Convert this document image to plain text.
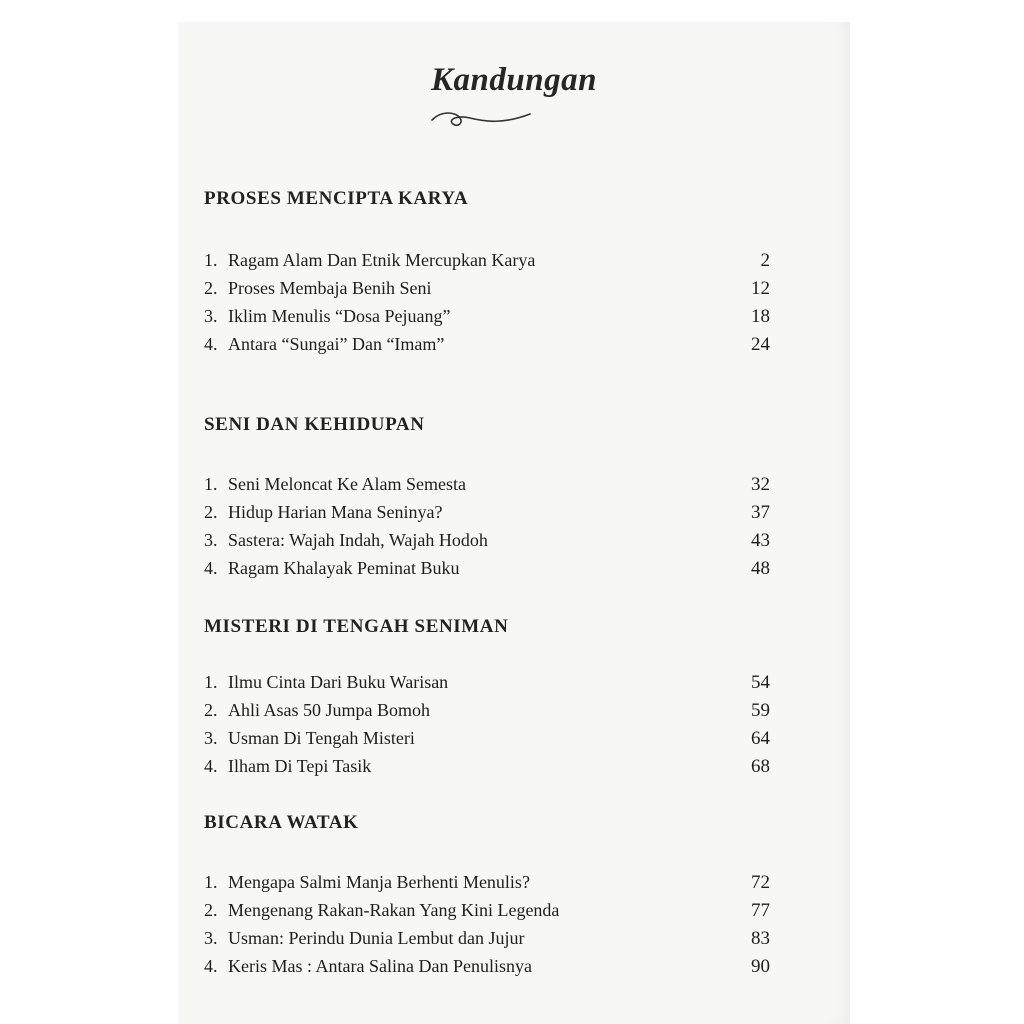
Kandungan
PROSES MENCIPTA KARYA
1. Ragam Alam Dan Etnik Mercupkan Karya	2
2. Proses Membaja Benih Seni	12
3. Iklim Menulis “Dosa Pejuang”	18
4. Antara “Sungai” Dan “Imam”	24
SENI DAN KEHIDUPAN
1. Seni Meloncat Ke Alam Semesta	32
2. Hidup Harian Mana Seninya?	37
3. Sastera: Wajah Indah, Wajah Hodoh	43
4. Ragam Khalayak Peminat Buku	48
MISTERI DI TENGAH SENIMAN
1. Ilmu Cinta Dari Buku Warisan	54
2. Ahli Asas 50 Jumpa Bomoh	59
3. Usman Di Tengah Misteri	64
4. Ilham Di Tepi Tasik	68
BICARA WATAK
1. Mengapa Salmi Manja Berhenti Menulis?	72
2. Mengenang Rakan-Rakan Yang Kini Legenda	77
3. Usman: Perindu Dunia Lembut dan Jujur	83
4. Keris Mas : Antara Salina Dan Penulisnya	90
